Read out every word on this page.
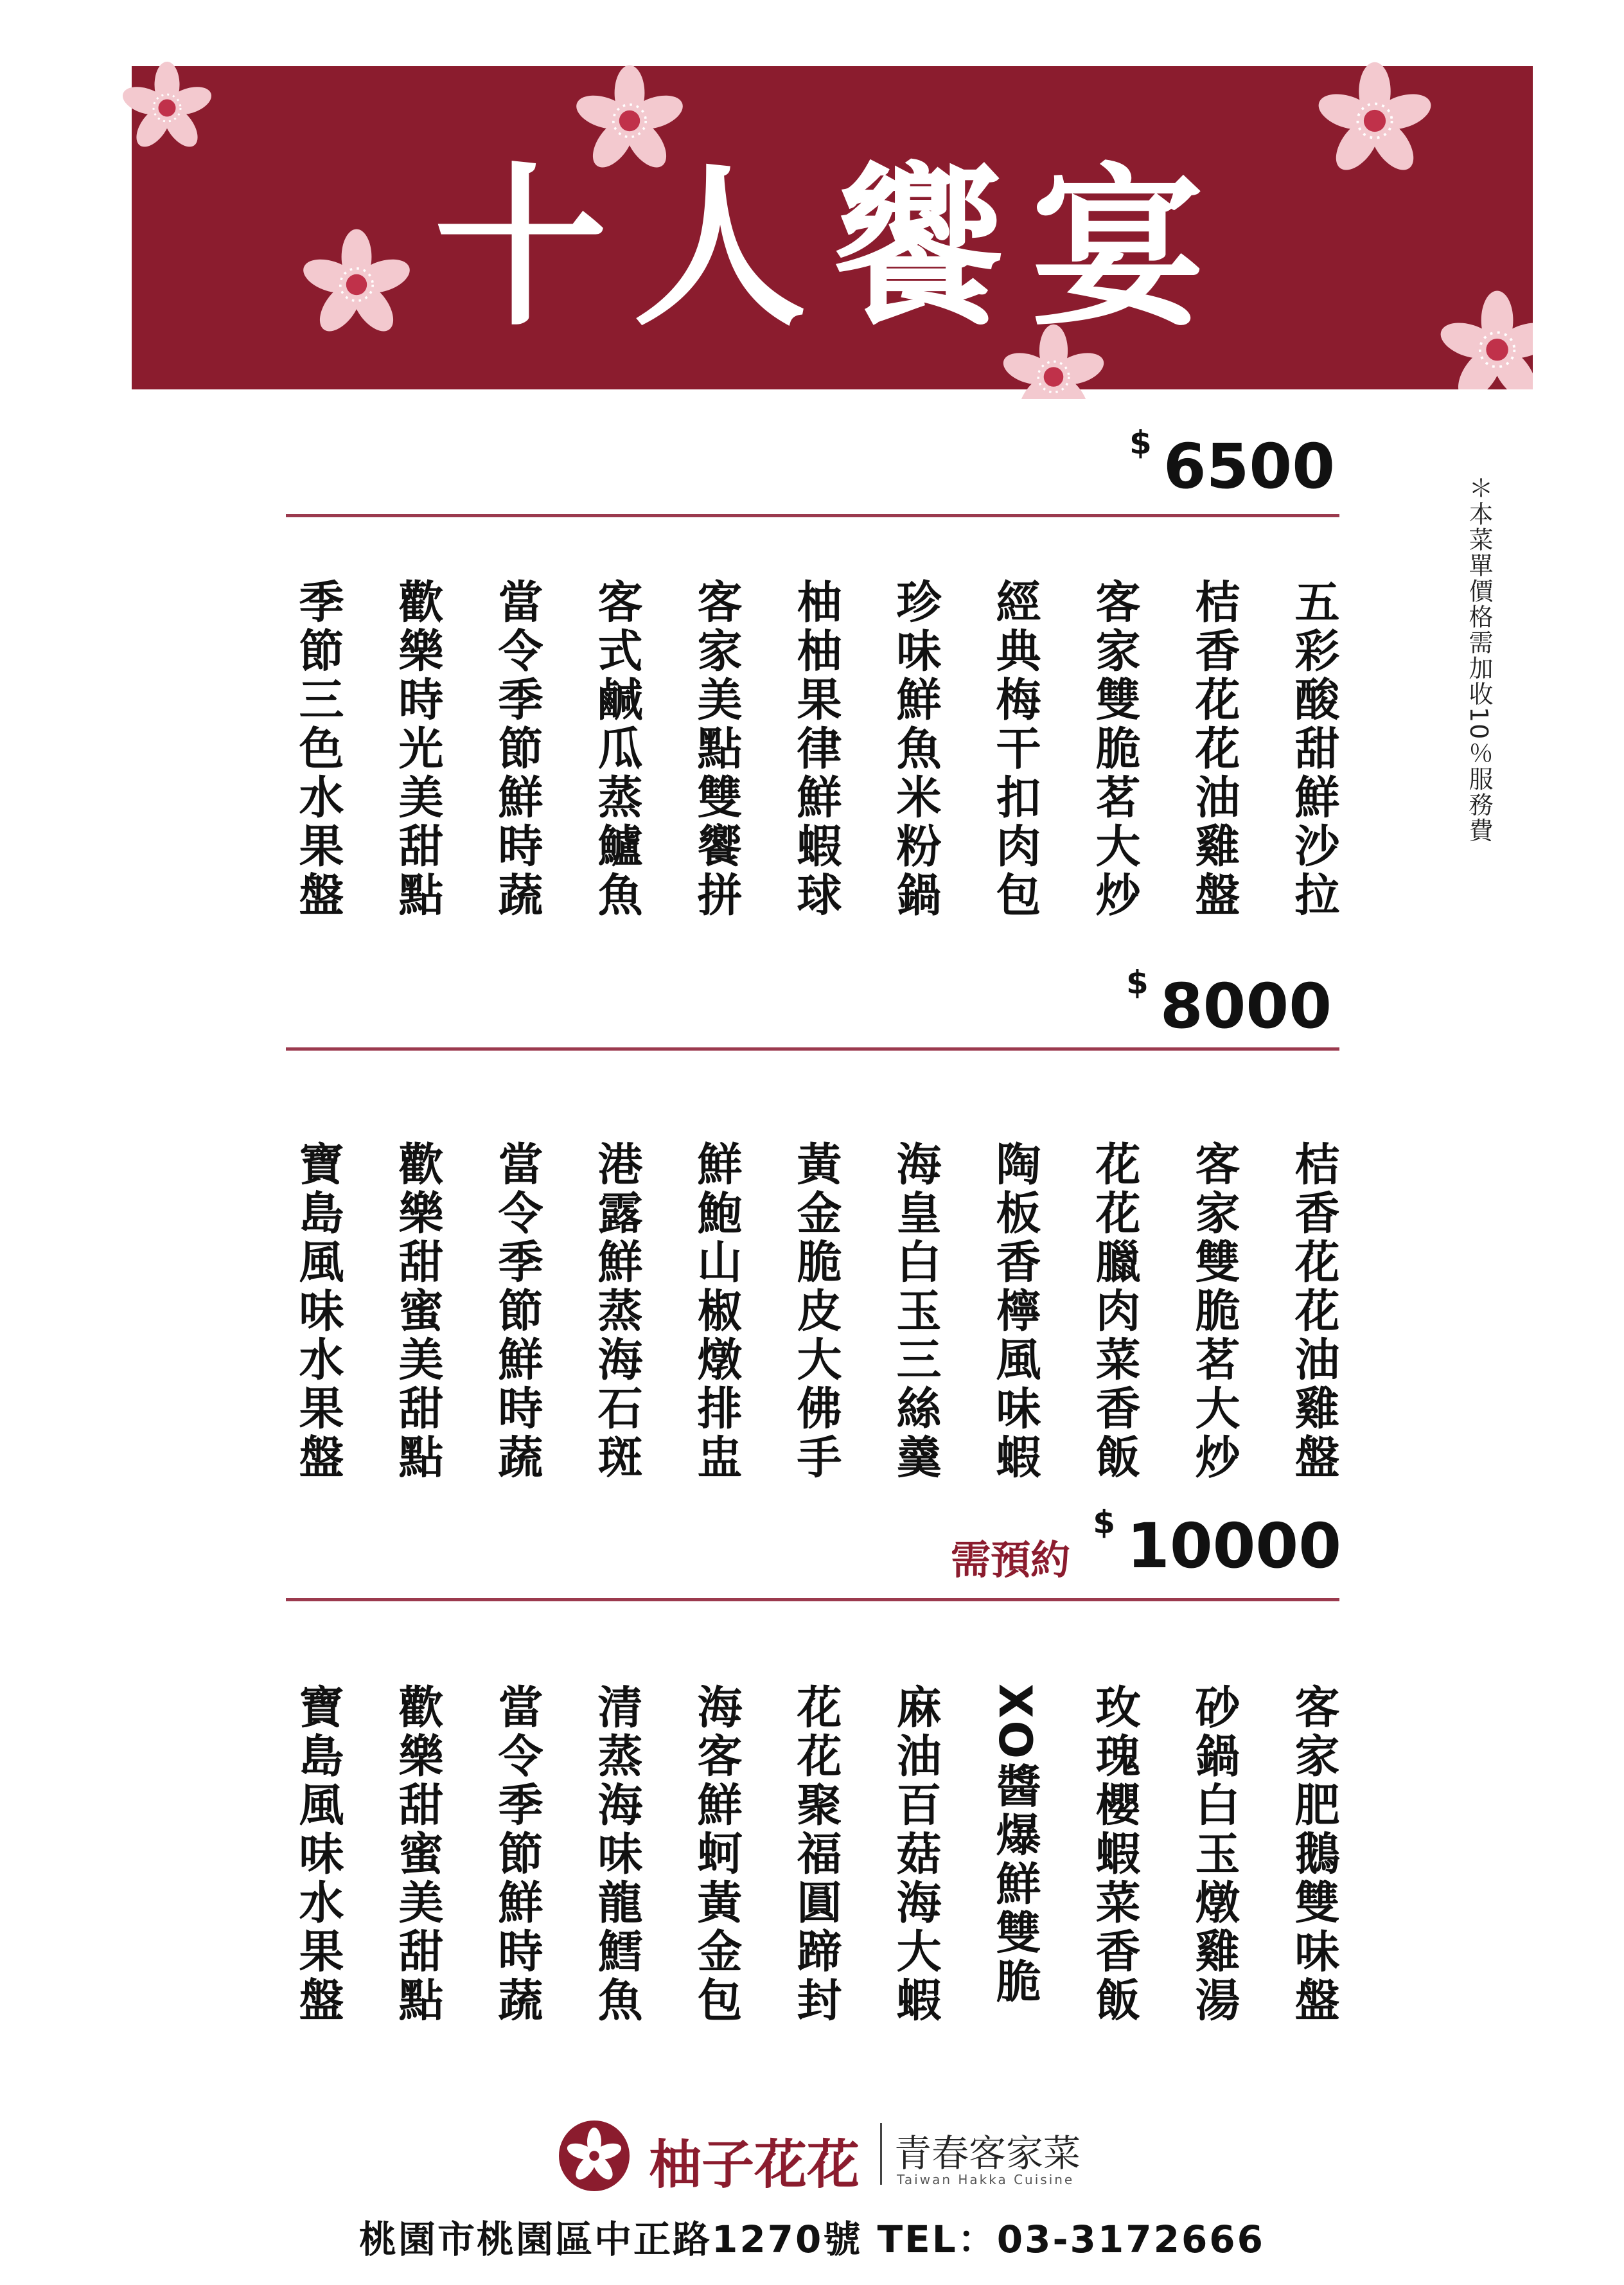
十人饗宴
＊本菜單價格需加收10％服務費
$ 6500
五彩酸甜鮮沙拉
桔香花花油雞盤
客家雙脆茗大炒
經典梅干扣肉包
珍味鮮魚米粉鍋
柚柚果律鮮蝦球
客家美點雙饗拼
客式鹹瓜蒸鱸魚
當令季節鮮時蔬
歡樂時光美甜點
季節三色水果盤
$ 8000
桔香花花油雞盤
客家雙脆茗大炒
花花臘肉菜香飯
陶板香檸風味蝦
海皇白玉三絲羹
黃金脆皮大佛手
鮮鮑山椒燉排盅
港露鮮蒸海石斑
當令季節鮮時蔬
歡樂甜蜜美甜點
寶島風味水果盤
需預約
$ 10000
客家肥鵝雙味盤
砂鍋白玉燉雞湯
玫瑰櫻蝦菜香飯
XO醬爆鮮雙脆
麻油百菇海大蝦
花花聚福圓蹄封
海客鮮蚵黃金包
清蒸海味龍鱈魚
當令季節鮮時蔬
歡樂甜蜜美甜點
寶島風味水果盤
柚子花花 青春客家菜
Taiwan Hakka Cuisine
桃園市桃園區中正路1270號 TEL：03-3172666
